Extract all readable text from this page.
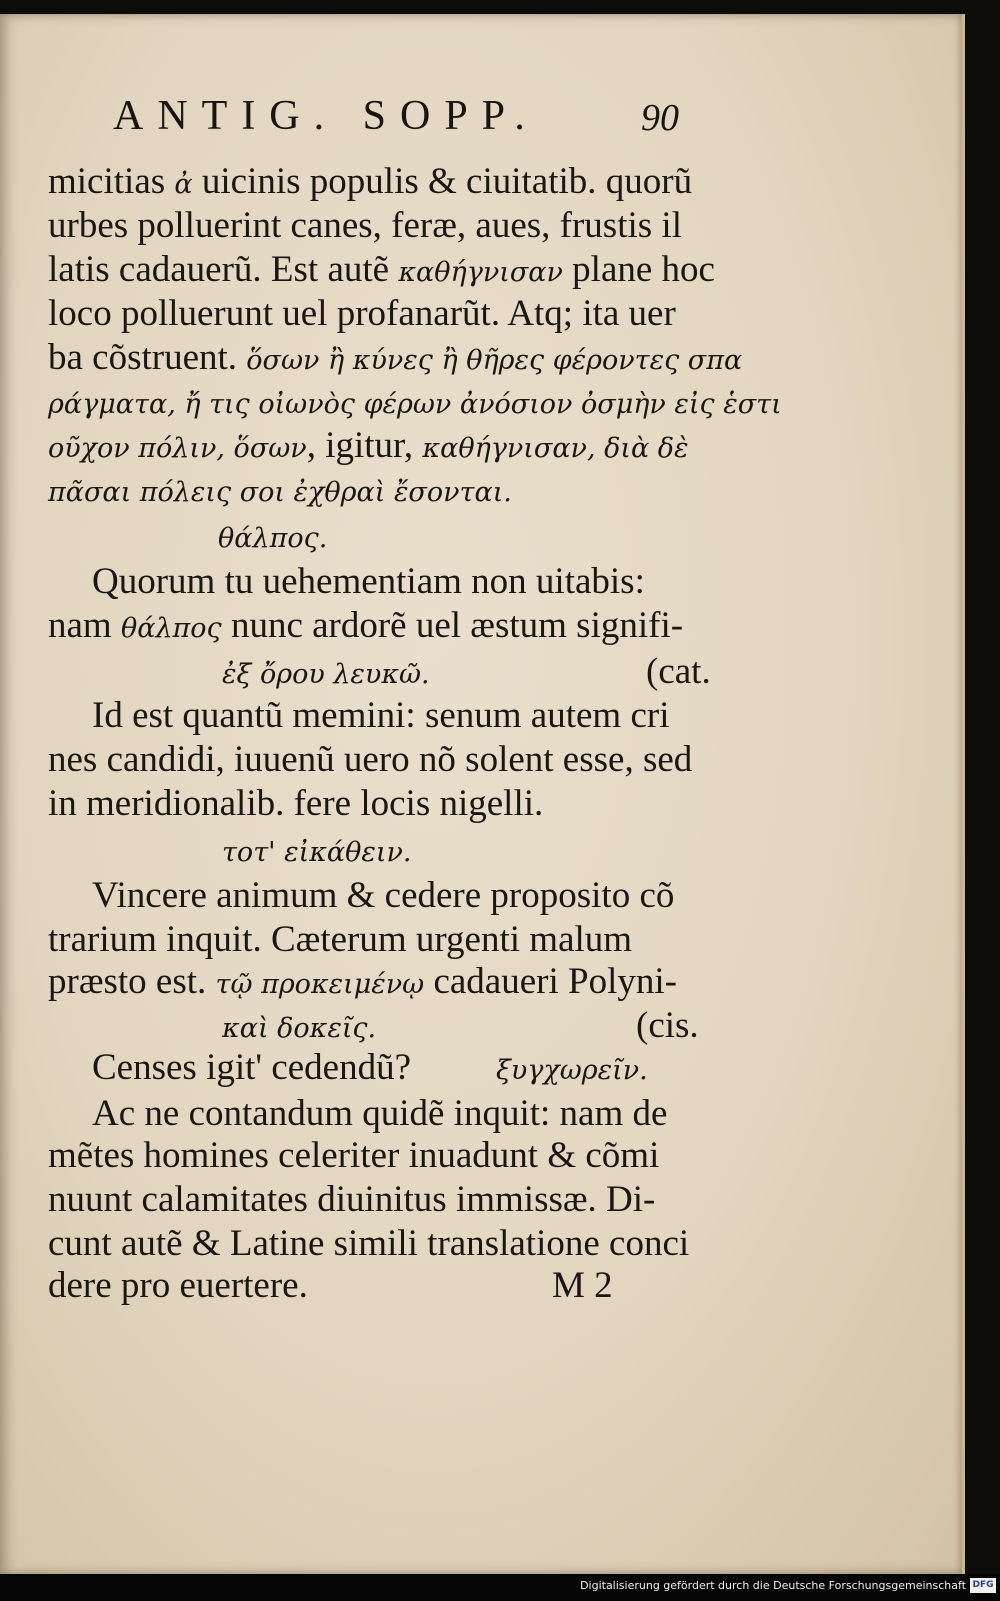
ANTIG. SOPP.	90
micitias ἀ uicinis populis & ciuitatib. quorũ
urbes polluerint canes, feræ, aues, frustis il
latis cadauerũ. Est autẽ καθήγνισαν plane hoc
loco polluerunt uel profanarũt. Atq; ita uer
ba cõstruent. ὅσων ἢ κύνες ἢ θῆρες φέροντες σπα
ράγματα, ἤ τις οἰωνὸς φέρων ἀνόσιον ὀσμὴν εἰς ἑστι
οῦχον πόλιν, ὅσων, igitur, καθήγνισαν, διὰ δὲ
πᾶσαι πόλεις σοι ἐχθραὶ ἔσονται.
θάλπος.
Quorum tu uehementiam non uitabis:
nam θάλπος nunc ardorẽ uel æstum signifi-
ἐξ ὄρου λευκῶ.	(cat.
Id est quantũ memini: senum autem cri
nes candidi, iuuenũ uero nõ solent esse, sed
in meridionalib. fere locis nigelli.
τοτ' εἰκάθειν.
Vincere animum & cedere proposito cõ
trarium inquit. Cæterum urgenti malum
præsto est. τῷ προκειμένῳ cadaueri Polyni-
καὶ δοκεῖς.	(cis.
Censes igit' cedendũ?	ξυγχωρεῖν.
Ac ne contandum quidẽ inquit: nam de
mẽtes homines celeriter inuadunt & cõmi
nuunt calamitates diuinitus immissæ. Di-
cunt autẽ & Latine simili translatione conci
dere pro euertere.	M 2
Digitalisierung gefördert durch die Deutsche Forschungsgemeinschaft DFG
